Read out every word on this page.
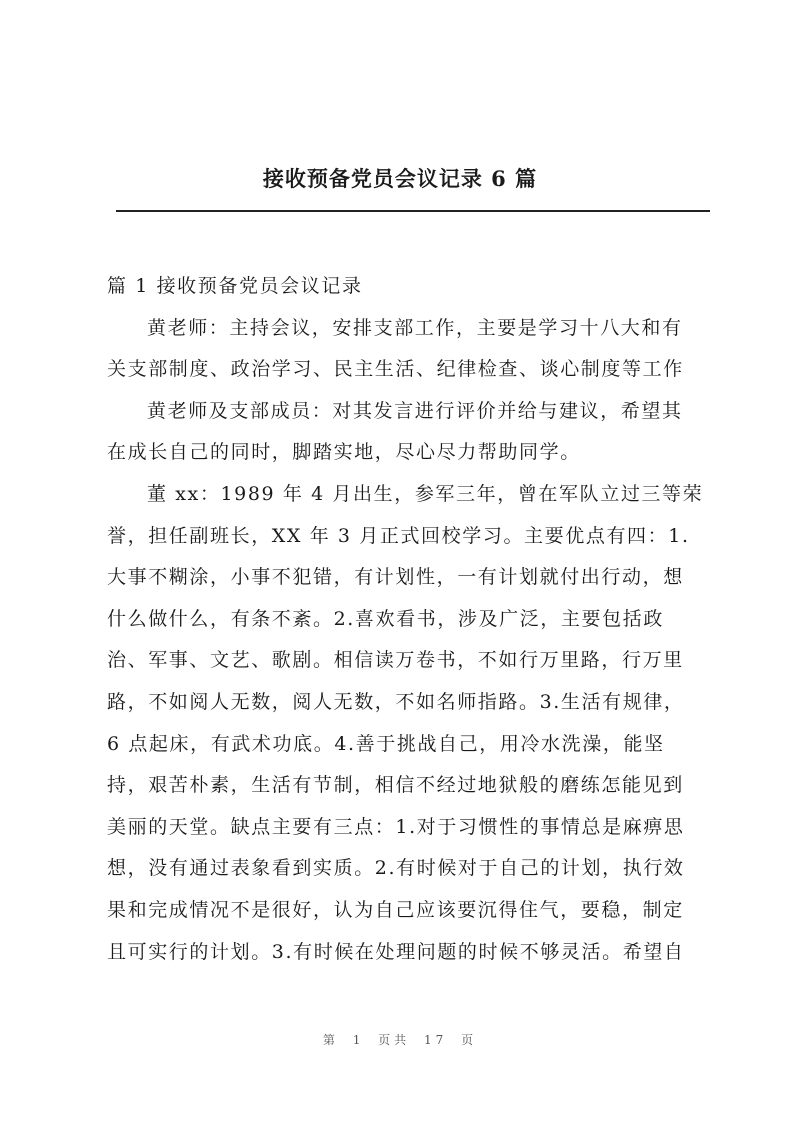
接收预备党员会议记录 6 篇

篇 1 接收预备党员会议记录

黄老师：主持会议，安排支部工作，主要是学习十八大和有
关支部制度、政治学习、民主生活、纪律检查、谈心制度等工作

黄老师及支部成员：对其发言进行评价并给与建议，希望其
在成长自己的同时，脚踏实地，尽心尽力帮助同学。

董 xx：1989 年 4 月出生，参军三年，曾在军队立过三等荣
誉，担任副班长，XX 年 3 月正式回校学习。主要优点有四：1.
大事不糊涂，小事不犯错，有计划性，一有计划就付出行动，想
什么做什么，有条不紊。2.喜欢看书，涉及广泛，主要包括政
治、军事、文艺、歌剧。相信读万卷书，不如行万里路，行万里
路，不如阅人无数，阅人无数，不如名师指路。3.生活有规律，
6 点起床，有武术功底。4.善于挑战自己，用冷水洗澡，能坚
持，艰苦朴素，生活有节制，相信不经过地狱般的磨练怎能见到
美丽的天堂。缺点主要有三点：1.对于习惯性的事情总是麻痹思
想，没有通过表象看到实质。2.有时候对于自己的计划，执行效
果和完成情况不是很好，认为自己应该要沉得住气，要稳，制定
且可实行的计划。3.有时候在处理问题的时候不够灵活。希望自

第 1 页共 17 页
